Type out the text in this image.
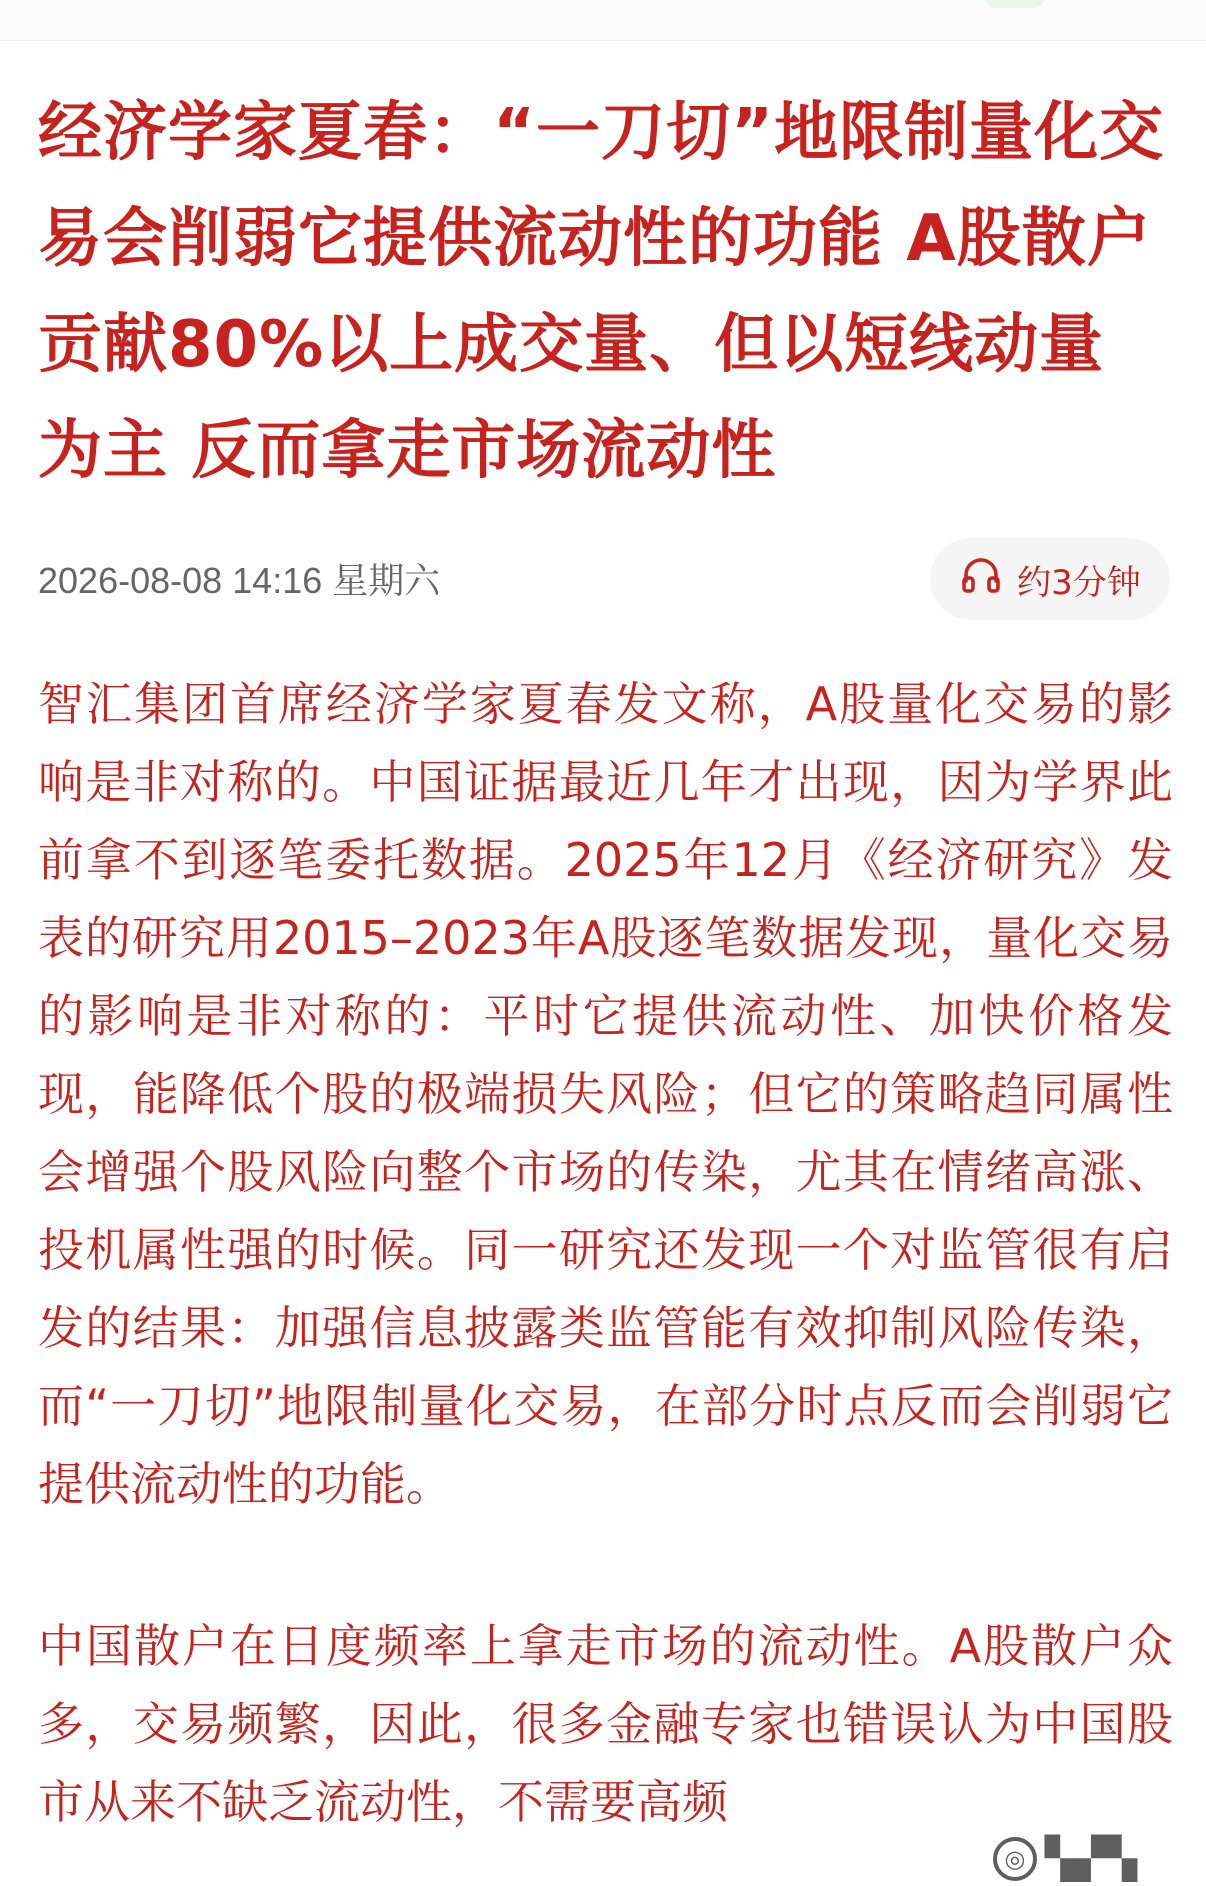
经济学家夏春：“一刀切”地限制量化交易会削弱它提供流动性的功能 A股散户贡献80%以上成交量、但以短线动量为主 反而拿走市场流动性
2026-08-08 14:16 星期六	约3分钟

智汇集团首席经济学家夏春发文称，A股量化交易的影响是非对称的。中国证据最近几年才出现，因为学界此前拿不到逐笔委托数据。2025年12月《经济研究》发表的研究用2015–2023年A股逐笔数据发现，量化交易的影响是非对称的：平时它提供流动性、加快价格发现，能降低个股的极端损失风险；但它的策略趋同属性会增强个股风险向整个市场的传染，尤其在情绪高涨、投机属性强的时候。同一研究还发现一个对监管很有启发的结果：加强信息披露类监管能有效抑制风险传染，而“一刀切”地限制量化交易，在部分时点反而会削弱它提供流动性的功能。

中国散户在日度频率上拿走市场的流动性。A股散户众多，交易频繁，因此，很多金融专家也错误认为中国股市从来不缺乏流动性，不需要高频

◎ ▚▞▚
